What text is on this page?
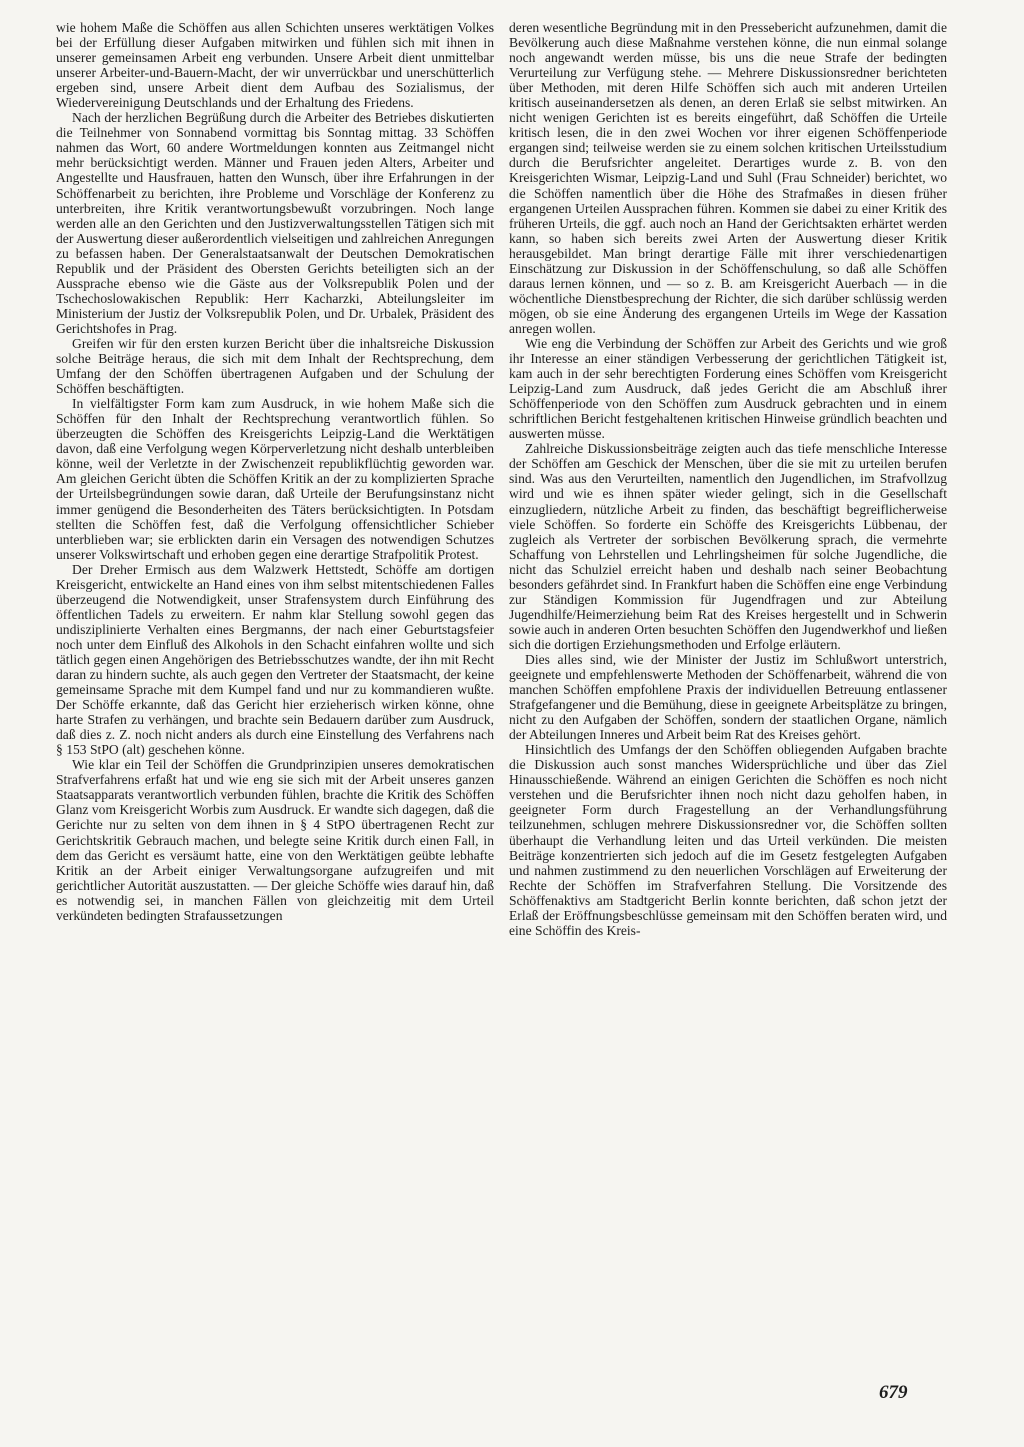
wie hohem Maße die Schöffen aus allen Schichten unseres werktätigen Volkes bei der Erfüllung dieser Aufgaben mitwirken und fühlen sich mit ihnen in unserer gemeinsamen Arbeit eng verbunden. Unsere Arbeit dient unmittelbar unserer Arbeiter-und-Bauern-Macht, der wir unverrückbar und unerschütterlich ergeben sind, unsere Arbeit dient dem Aufbau des Sozialismus, der Wiedervereinigung Deutschlands und der Erhaltung des Friedens.

Nach der herzlichen Begrüßung durch die Arbeiter des Betriebes diskutierten die Teilnehmer von Sonnabend vormittag bis Sonntag mittag. 33 Schöffen nahmen das Wort, 60 andere Wortmeldungen konnten aus Zeitmangel nicht mehr berücksichtigt werden. Männer und Frauen jeden Alters, Arbeiter und Angestellte und Hausfrauen, hatten den Wunsch, über ihre Erfahrungen in der Schöffenarbeit zu berichten, ihre Probleme und Vorschläge der Konferenz zu unterbreiten, ihre Kritik verantwortungsbewußt vorzubringen. Noch lange werden alle an den Gerichten und den Justizverwaltungsstellen Tätigen sich mit der Auswertung dieser außerordentlich vielseitigen und zahlreichen Anregungen zu befassen haben. Der Generalstaatsanwalt der Deutschen Demokratischen Republik und der Präsident des Obersten Gerichts beteiligten sich an der Aussprache ebenso wie die Gäste aus der Volksrepublik Polen und der Tschechoslowakischen Republik: Herr Kacharzki, Abteilungsleiter im Ministerium der Justiz der Volksrepublik Polen, und Dr. Urbalek, Präsident des Gerichtshofes in Prag.

Greifen wir für den ersten kurzen Bericht über die inhaltsreiche Diskussion solche Beiträge heraus, die sich mit dem Inhalt der Rechtsprechung, dem Umfang der den Schöffen übertragenen Aufgaben und der Schulung der Schöffen beschäftigten.

In vielfältigster Form kam zum Ausdruck, in wie hohem Maße sich die Schöffen für den Inhalt der Rechtsprechung verantwortlich fühlen. So überzeugten die Schöffen des Kreisgerichts Leipzig-Land die Werktätigen davon, daß eine Verfolgung wegen Körperverletzung nicht deshalb unterbleiben könne, weil der Verletzte in der Zwischenzeit republikflüchtig geworden war. Am gleichen Gericht übten die Schöffen Kritik an der zu komplizierten Sprache der Urteilsbegründungen sowie daran, daß Urteile der Berufungsinstanz nicht immer genügend die Besonderheiten des Täters berücksichtigten. In Potsdam stellten die Schöffen fest, daß die Verfolgung offensichtlicher Schieber unterblieben war; sie erblickten darin ein Versagen des notwendigen Schutzes unserer Volkswirtschaft und erhoben gegen eine derartige Strafpolitik Protest.

Der Dreher Ermisch aus dem Walzwerk Hettstedt, Schöffe am dortigen Kreisgericht, entwickelte an Hand eines von ihm selbst mitentschiedenen Falles überzeugend die Notwendigkeit, unser Strafensystem durch Einführung des öffentlichen Tadels zu erweitern. Er nahm klar Stellung sowohl gegen das undisziplinierte Verhalten eines Bergmanns, der nach einer Geburtstagsfeier noch unter dem Einfluß des Alkohols in den Schacht einfahren wollte und sich tätlich gegen einen Angehörigen des Betriebsschutzes wandte, der ihn mit Recht daran zu hindern suchte, als auch gegen den Vertreter der Staatsmacht, der keine gemeinsame Sprache mit dem Kumpel fand und nur zu kommandieren wußte. Der Schöffe erkannte, daß das Gericht hier erzieherisch wirken könne, ohne harte Strafen zu verhängen, und brachte sein Bedauern darüber zum Ausdruck, daß dies z. Z. noch nicht anders als durch eine Einstellung des Verfahrens nach § 153 StPO (alt) geschehen könne.

Wie klar ein Teil der Schöffen die Grundprinzipien unseres demokratischen Strafverfahrens erfaßt hat und wie eng sie sich mit der Arbeit unseres ganzen Staatsapparats verantwortlich verbunden fühlen, brachte die Kritik des Schöffen Glanz vom Kreisgericht Worbis zum Ausdruck. Er wandte sich dagegen, daß die Gerichte nur zu selten von dem ihnen in § 4 StPO übertragenen Recht zur Gerichtskritik Gebrauch machen, und belegte seine Kritik durch einen Fall, in dem das Gericht es versäumt hatte, eine von den Werktätigen geübte lebhafte Kritik an der Arbeit einiger Verwaltungsorgane aufzugreifen und mit gerichtlicher Autorität auszustatten. — Der gleiche Schöffe wies darauf hin, daß es notwendig sei, in manchen Fällen von gleichzeitig mit dem Urteil verkündeten bedingten Strafaussetzungen

deren wesentliche Begründung mit in den Pressebericht aufzunehmen, damit die Bevölkerung auch diese Maßnahme verstehen könne, die nun einmal solange noch angewandt werden müsse, bis uns die neue Strafe der bedingten Verurteilung zur Verfügung stehe. — Mehrere Diskussionsredner berichteten über Methoden, mit deren Hilfe Schöffen sich auch mit anderen Urteilen kritisch auseinandersetzen als denen, an deren Erlaß sie selbst mitwirken. An nicht wenigen Gerichten ist es bereits eingeführt, daß Schöffen die Urteile kritisch lesen, die in den zwei Wochen vor ihrer eigenen Schöffenperiode ergangen sind; teilweise werden sie zu einem solchen kritischen Urteilsstudium durch die Berufsrichter angeleitet. Derartiges wurde z. B. von den Kreisgerichten Wismar, Leipzig-Land und Suhl (Frau Schneider) berichtet, wo die Schöffen namentlich über die Höhe des Strafmaßes in diesen früher ergangenen Urteilen Aussprachen führen. Kommen sie dabei zu einer Kritik des früheren Urteils, die ggf. auch noch an Hand der Gerichtsakten erhärtet werden kann, so haben sich bereits zwei Arten der Auswertung dieser Kritik herausgebildet. Man bringt derartige Fälle mit ihrer verschiedenartigen Einschätzung zur Diskussion in der Schöffenschulung, so daß alle Schöffen daraus lernen können, und — so z. B. am Kreisgericht Auerbach — in die wöchentliche Dienstbesprechung der Richter, die sich darüber schlüssig werden mögen, ob sie eine Änderung des ergangenen Urteils im Wege der Kassation anregen wollen.

Wie eng die Verbindung der Schöffen zur Arbeit des Gerichts und wie groß ihr Interesse an einer ständigen Verbesserung der gerichtlichen Tätigkeit ist, kam auch in der sehr berechtigten Forderung eines Schöffen vom Kreisgericht Leipzig-Land zum Ausdruck, daß jedes Gericht die am Abschluß ihrer Schöffenperiode von den Schöffen zum Ausdruck gebrachten und in einem schriftlichen Bericht festgehaltenen kritischen Hinweise gründlich beachten und auswerten müsse.

Zahlreiche Diskussionsbeiträge zeigten auch das tiefe menschliche Interesse der Schöffen am Geschick der Menschen, über die sie mit zu urteilen berufen sind. Was aus den Verurteilten, namentlich den Jugendlichen, im Strafvollzug wird und wie es ihnen später wieder gelingt, sich in die Gesellschaft einzugliedern, nützliche Arbeit zu finden, das beschäftigt begreiflicherweise viele Schöffen. So forderte ein Schöffe des Kreisgerichts Lübbenau, der zugleich als Vertreter der sorbischen Bevölkerung sprach, die vermehrte Schaffung von Lehrstellen und Lehrlingsheimen für solche Jugendliche, die nicht das Schulziel erreicht haben und deshalb nach seiner Beobachtung besonders gefährdet sind. In Frankfurt haben die Schöffen eine enge Verbindung zur Ständigen Kommission für Jugendfragen und zur Abteilung Jugendhilfe/Heimerziehung beim Rat des Kreises hergestellt und in Schwerin sowie auch in anderen Orten besuchten Schöffen den Jugendwerkhof und ließen sich die dortigen Erziehungsmethoden und Erfolge erläutern.

Dies alles sind, wie der Minister der Justiz im Schlußwort unterstrich, geeignete und empfehlenswerte Methoden der Schöffenarbeit, während die von manchen Schöffen empfohlene Praxis der individuellen Betreuung entlassener Strafgefangener und die Bemühung, diese in geeignete Arbeitsplätze zu bringen, nicht zu den Aufgaben der Schöffen, sondern der staatlichen Organe, nämlich der Abteilungen Inneres und Arbeit beim Rat des Kreises gehört.

Hinsichtlich des Umfangs der den Schöffen obliegenden Aufgaben brachte die Diskussion auch sonst manches Widersprüchliche und über das Ziel Hinausschießende. Während an einigen Gerichten die Schöffen es noch nicht verstehen und die Berufsrichter ihnen noch nicht dazu geholfen haben, in geeigneter Form durch Fragestellung an der Verhandlungsführung teilzunehmen, schlugen mehrere Diskussionsredner vor, die Schöffen sollten überhaupt die Verhandlung leiten und das Urteil verkünden. Die meisten Beiträge konzentrierten sich jedoch auf die im Gesetz festgelegten Aufgaben und nahmen zustimmend zu den neuerlichen Vorschlägen auf Erweiterung der Rechte der Schöffen im Strafverfahren Stellung. Die Vorsitzende des Schöffenaktivs am Stadtgericht Berlin konnte berichten, daß schon jetzt der Erlaß der Eröffnungsbeschlüsse gemeinsam mit den Schöffen beraten wird, und eine Schöffin des Kreis-

679
